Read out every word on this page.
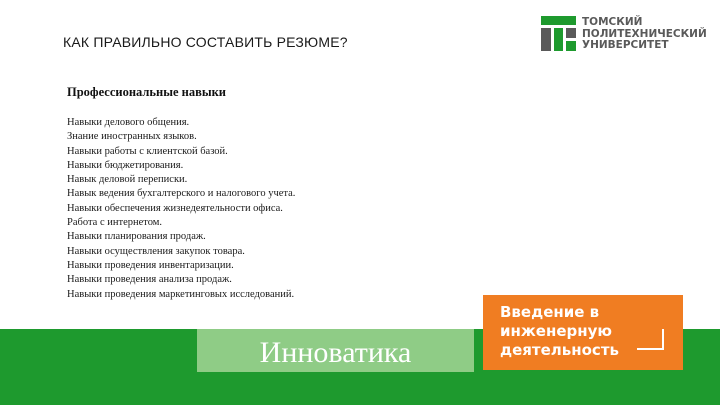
КАК ПРАВИЛЬНО СОСТАВИТЬ РЕЗЮМЕ?
ТОМСКИЙ
ПОЛИТЕХНИЧЕСКИЙ
УНИВЕРСИТЕТ
Профессиональные навыки
Навыки делового общения.
Знание иностранных языков.
Навыки работы с клиентской базой.
Навыки бюджетирования.
Навык деловой переписки.
Навык ведения бухгалтерского и налогового учета.
Навыки обеспечения жизнедеятельности офиса.
Работа с интернетом.
Навыки планирования продаж.
Навыки осуществления закупок товара.
Навыки проведения инвентаризации.
Навыки проведения анализа продаж.
Навыки проведения маркетинговых исследований.
Инноватика
Введение в
инженерную
деятельность
